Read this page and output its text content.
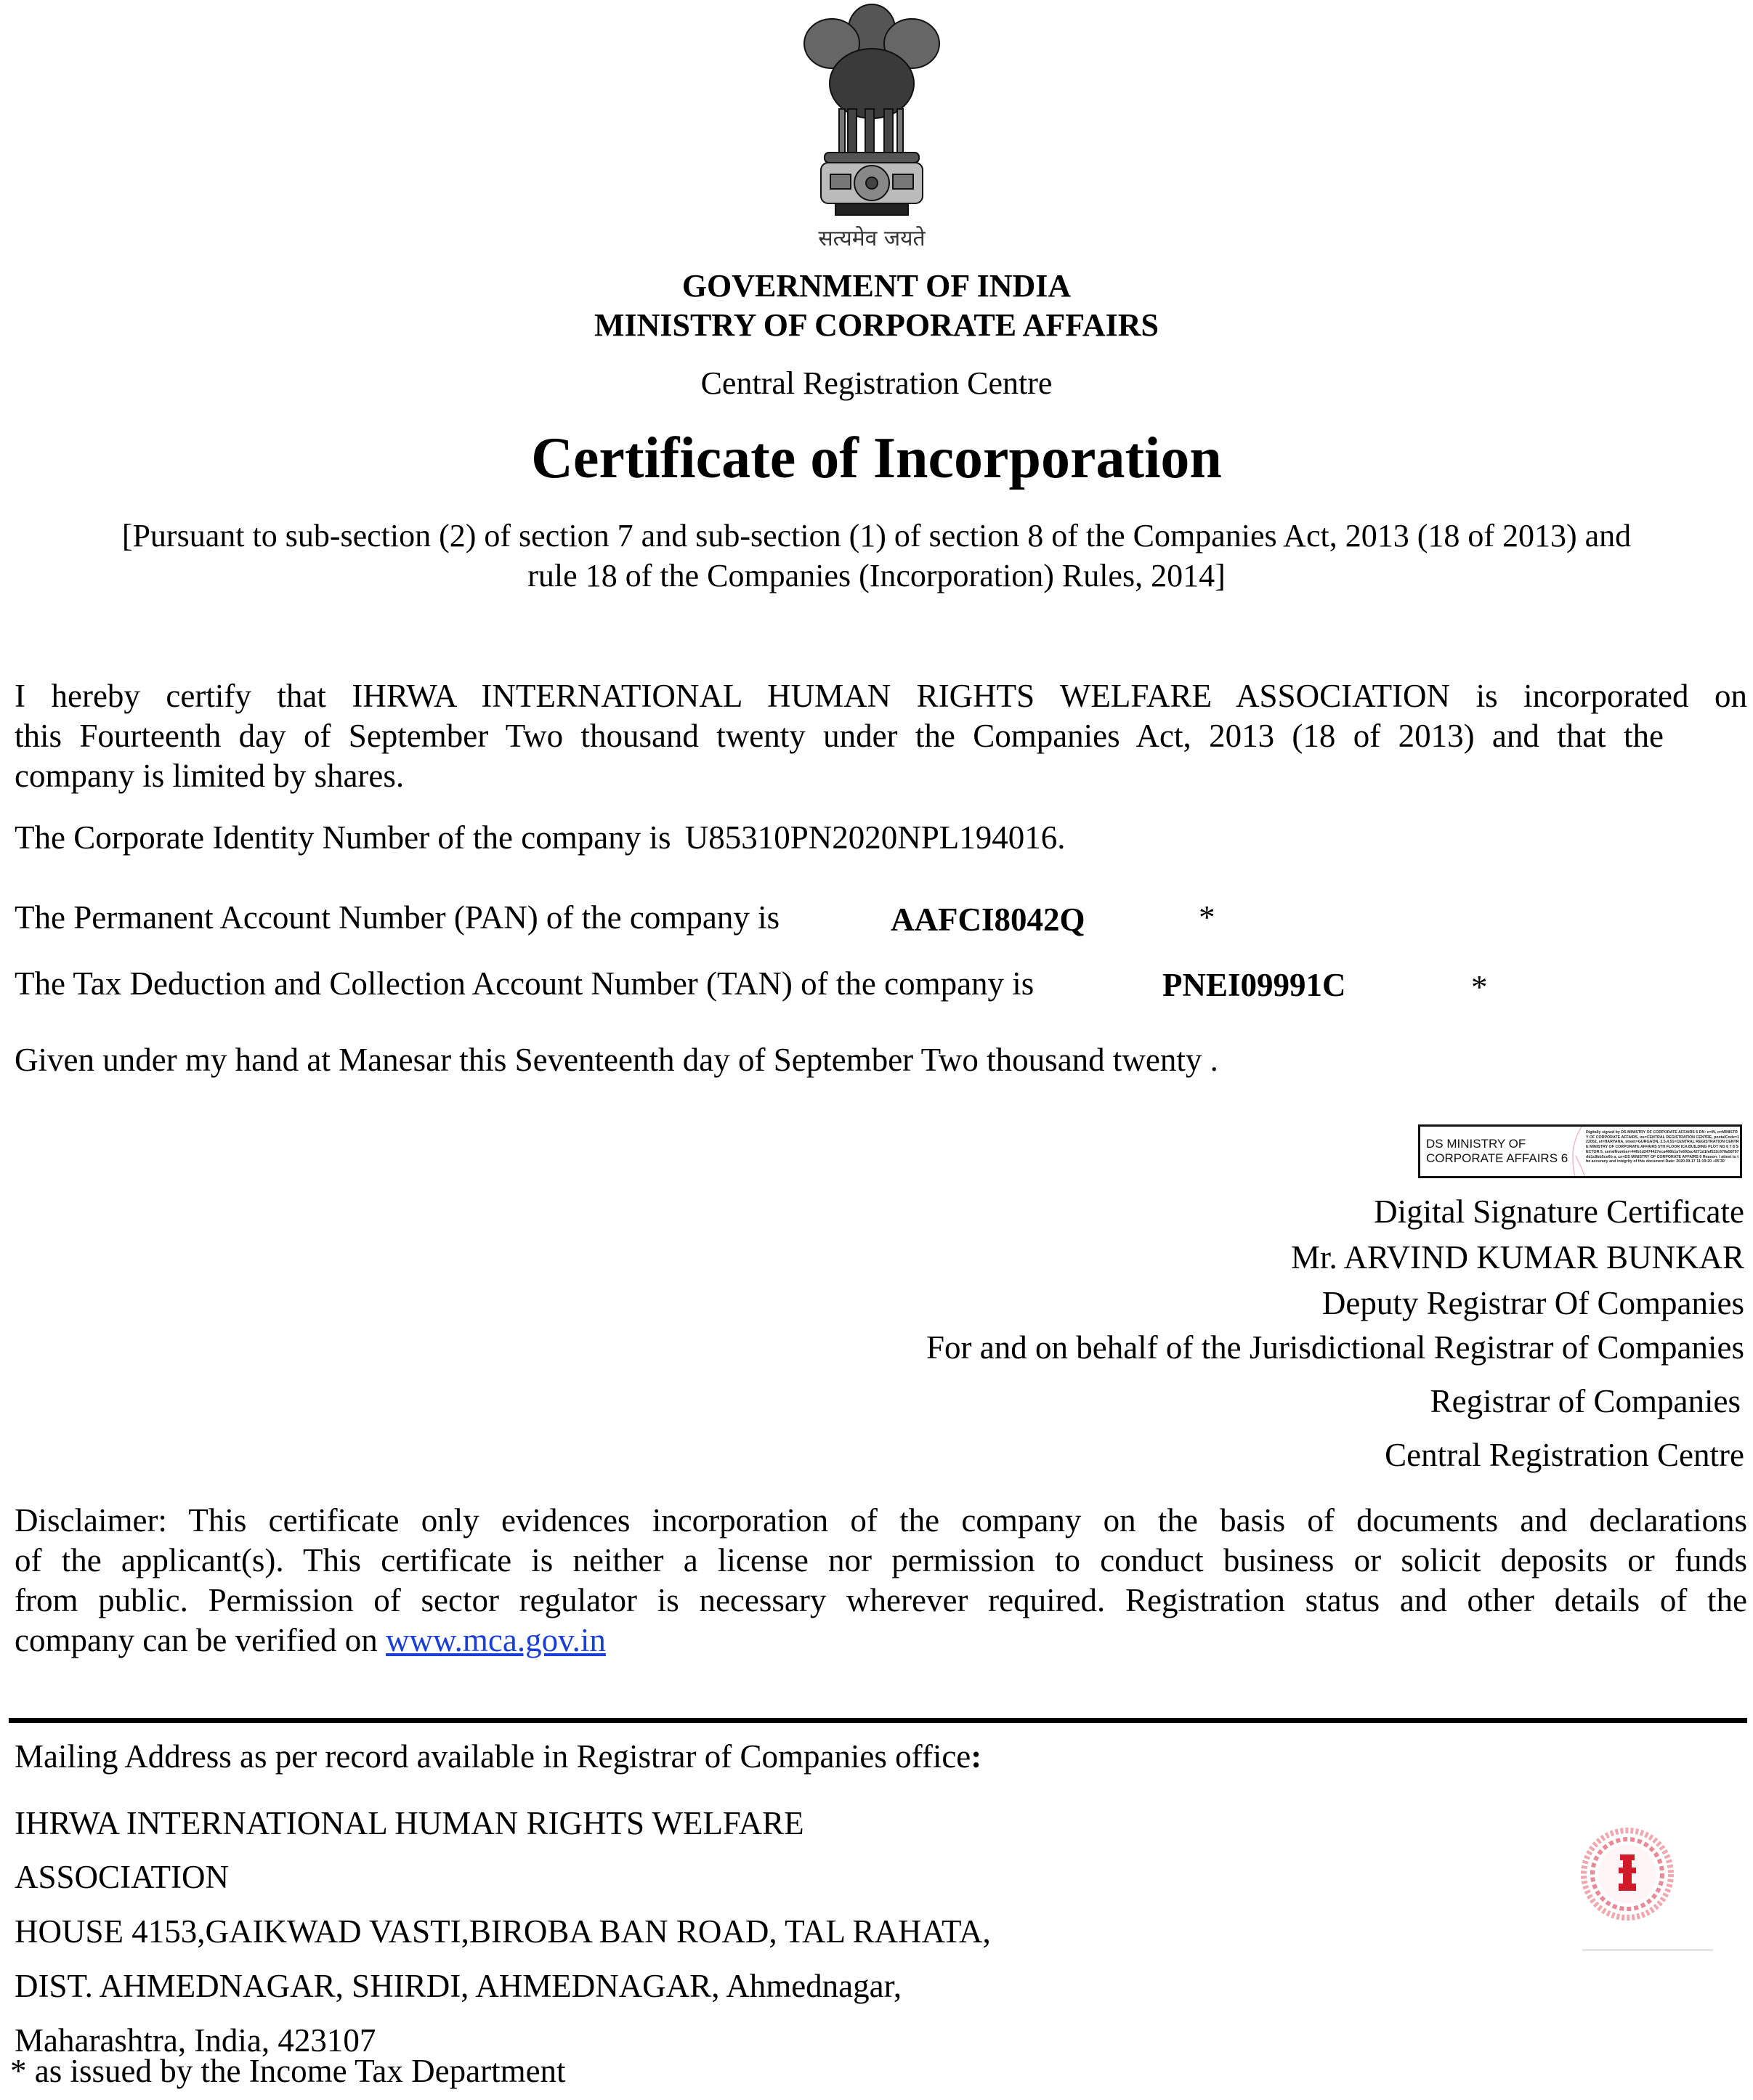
सत्यमेव जयते
GOVERNMENT OF INDIA
MINISTRY OF CORPORATE AFFAIRS
Central Registration Centre
Certificate of Incorporation
[Pursuant to sub-section (2) of section 7 and sub-section (1) of section 8 of the Companies Act, 2013 (18 of 2013) and
rule 18 of the Companies (Incorporation) Rules, 2014]
I hereby certify that IHRWA INTERNATIONAL HUMAN RIGHTS WELFARE ASSOCIATION is incorporated on
this Fourteenth day of September Two thousand twenty under the Companies Act, 2013 (18 of 2013) and that the
company is limited by shares.
The Corporate Identity Number of the company is U85310PN2020NPL194016.
The Permanent Account Number (PAN) of the company is	AAFCI8042Q	*
The Tax Deduction and Collection Account Number (TAN) of the company is	PNEI09991C	*
Given under my hand at Manesar this Seventeenth day of September Two thousand twenty .
DS MINISTRY OF CORPORATE AFFAIRS 6
Digitally signed by DS MINISTRY OF CORPORATE AFFAIRS 6 DN: c=IN, o=MINISTRY OF CORPORATE AFFAIRS, ou=CENTRAL REGISTRATION CENTRE, postalCode=122052, st=HARYANA, street=GURGAON, 2.5.4.51=CENTRAL REGISTRATION CENTRE MINISTRY OF CORPORATE AFFAIRS 5TH FLOOR ICA BUILDING PLOT NO 6 7 8 SECTOR 5, serialNumber=44fb1d2474427eca468b1a7e692ac4271d1faf522c678a58757dd1c8bb5ce6b a, cn=DS MINISTRY OF CORPORATE AFFAIRS 6 Reason: I attest to the accuracy and integrity of this document Date: 2020.09.17 11:19:20 +05'30'
Digital Signature Certificate
Mr. ARVIND KUMAR BUNKAR
Deputy Registrar Of Companies
For and on behalf of the Jurisdictional Registrar of Companies
Registrar of Companies
Central Registration Centre
Disclaimer: This certificate only evidences incorporation of the company on the basis of documents and declarations
of the applicant(s). This certificate is neither a license nor permission to conduct business or solicit deposits or funds
from public. Permission of sector regulator is necessary wherever required. Registration status and other details of the
company can be verified on www.mca.gov.in
Mailing Address as per record available in Registrar of Companies office:
IHRWA INTERNATIONAL HUMAN RIGHTS WELFARE
ASSOCIATION
HOUSE 4153,GAIKWAD VASTI,BIROBA BAN ROAD, TAL RAHATA,
DIST. AHMEDNAGAR, SHIRDI, AHMEDNAGAR, Ahmednagar,
Maharashtra, India, 423107
* as issued by the Income Tax Department
